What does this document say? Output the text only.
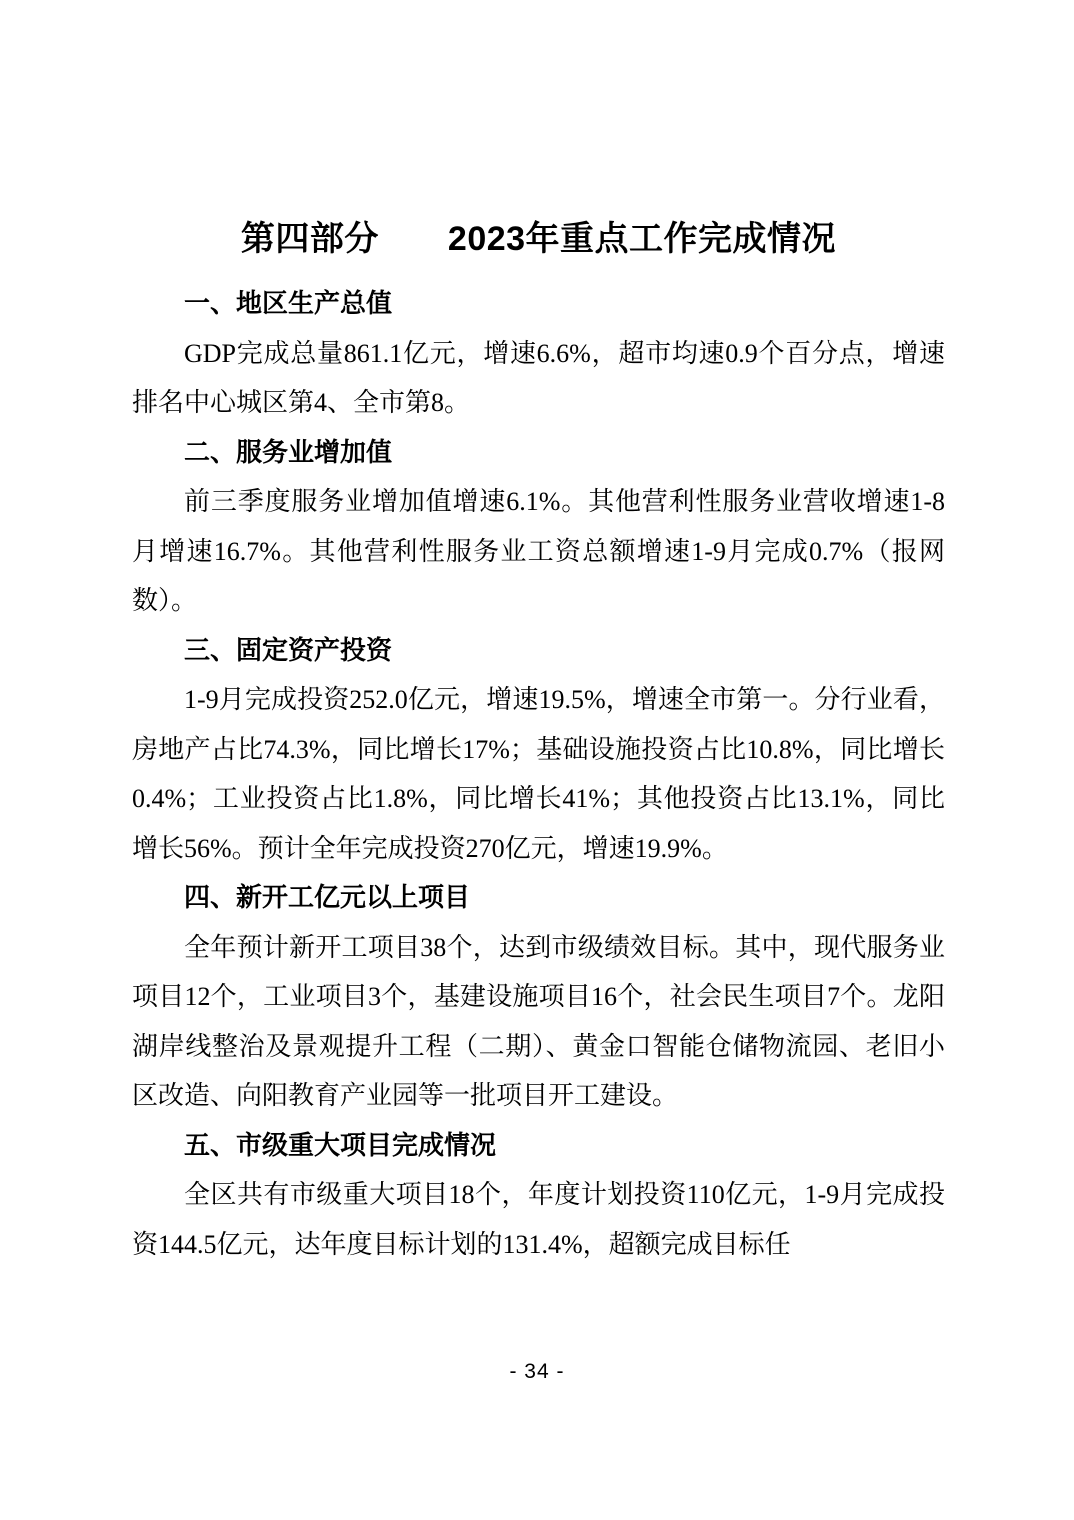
第四部分　　2023年重点工作完成情况
一、地区生产总值

GDP完成总量861.1亿元，增速6.6%，超市均速0.9个百分点，增速排名中心城区第4、全市第8。

二、服务业增加值

前三季度服务业增加值增速6.1%。其他营利性服务业营收增速1-8月增速16.7%。其他营利性服务业工资总额增速1-9月完成0.7%（报网数）。

三、固定资产投资

1-9月完成投资252.0亿元，增速19.5%，增速全市第一。分行业看，房地产占比74.3%，同比增长17%；基础设施投资占比10.8%，同比增长0.4%；工业投资占比1.8%，同比增长41%；其他投资占比13.1%，同比增长56%。预计全年完成投资270亿元，增速19.9%。

四、新开工亿元以上项目

全年预计新开工项目38个，达到市级绩效目标。其中，现代服务业项目12个，工业项目3个，基建设施项目16个，社会民生项目7个。龙阳湖岸线整治及景观提升工程（二期）、黄金口智能仓储物流园、老旧小区改造、向阳教育产业园等一批项目开工建设。

五、市级重大项目完成情况

全区共有市级重大项目18个，年度计划投资110亿元，1-9月完成投资144.5亿元，达年度目标计划的131.4%，超额完成目标任

- 34 -
